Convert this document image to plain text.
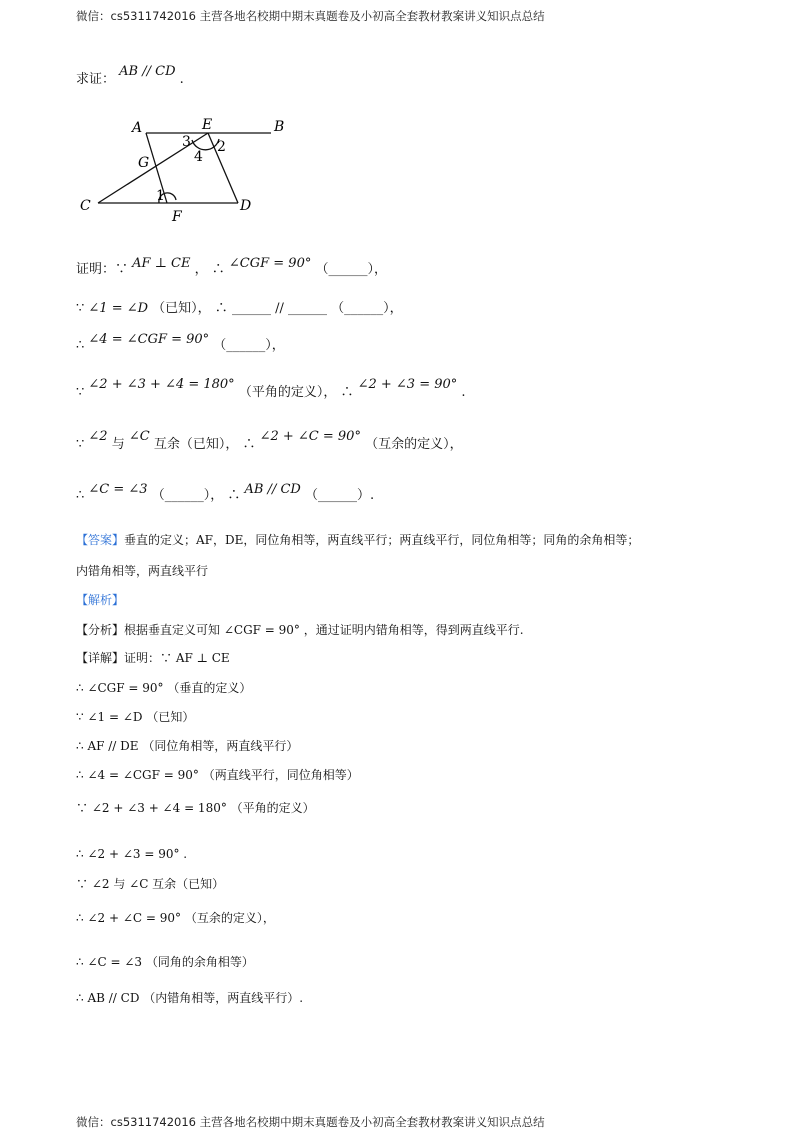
微信：cs5311742016 主营各地名校期中期末真题卷及小初高全套教材教案讲义知识点总结
求证： AB // CD .
A	E	B
G
C
F
D
1
2
3
4
证明：∵ AF ⊥ CE ， ∴ ∠CGF = 90° （______），
∵ ∠1 = ∠D （已知）， ∴ ______ // ______ （______），
∴ ∠4 = ∠CGF = 90° （______），
∵ ∠2 + ∠3 + ∠4 = 180° （平角的定义）， ∴ ∠2 + ∠3 = 90° .
∵ ∠2 与 ∠C 互余（已知）， ∴ ∠2 + ∠C = 90° （互余的定义），
∴ ∠C = ∠3 （______）， ∴ AB // CD （______）.
【答案】垂直的定义；AF，DE，同位角相等，两直线平行；两直线平行，同位角相等；同角的余角相等；
内错角相等，两直线平行
【解析】
【分析】根据垂直定义可知 ∠CGF = 90° ，通过证明内错角相等，得到两直线平行.
【详解】证明：∵ AF ⊥ CE
∴ ∠CGF = 90° （垂直的定义）
∵ ∠1 = ∠D （已知）
∴ AF // DE （同位角相等，两直线平行）
∴ ∠4 = ∠CGF = 90° （两直线平行，同位角相等）
∵ ∠2 + ∠3 + ∠4 = 180° （平角的定义）
∴ ∠2 + ∠3 = 90° .
∵ ∠2 与 ∠C 互余（已知）
∴ ∠2 + ∠C = 90° （互余的定义），
∴ ∠C = ∠3 （同角的余角相等）
∴ AB // CD （内错角相等，两直线平行）.
微信：cs5311742016 主营各地名校期中期末真题卷及小初高全套教材教案讲义知识点总结
